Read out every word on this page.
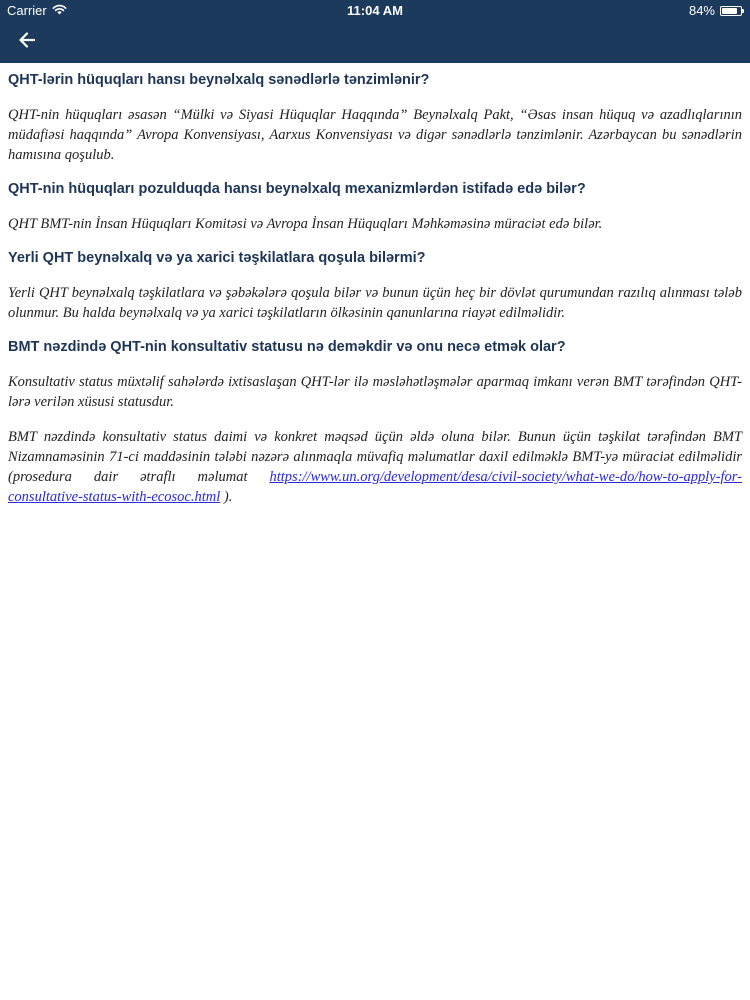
Carrier	11:04 AM	84%

QHT-lərin hüquqları hansı beynəlxalq sənədlərlə tənzimlənir?

QHT-nin hüquqları əsasən “Mülki və Siyasi Hüquqlar Haqqında” Beynəlxalq Pakt, “Əsas insan hüquq və azadlıqlarının müdafiəsi haqqında” Avropa Konvensiyası, Aarxus Konvensiyası və digər sənədlərlə tənzimlənir. Azərbaycan bu sənədlərin hamısına qoşulub.

QHT-nin hüquqları pozulduqda hansı beynəlxalq mexanizmlərdən istifadə edə bilər?

QHT BMT-nin İnsan Hüquqları Komitəsi və Avropa İnsan Hüquqları Məhkəməsinə müraciət edə bilər.

Yerli QHT beynəlxalq və ya xarici təşkilatlara qoşula bilərmi?

Yerli QHT beynəlxalq təşkilatlara və şəbəkələrə qoşula bilər və bunun üçün heç bir dövlət qurumundan razılıq alınması tələb olunmur. Bu halda beynəlxalq və ya xarici təşkilatların ölkəsinin qanunlarına riayət edilməlidir.

BMT nəzdində QHT-nin konsultativ statusu nə deməkdir və onu necə etmək olar?

Konsultativ status müxtəlif sahələrdə ixtisaslaşan QHT-lər ilə məsləhətləşmələr aparmaq imkanı verən BMT tərəfindən QHT-lərə verilən xüsusi statusdur.

BMT nəzdində konsultativ status daimi və konkret məqsəd üçün əldə oluna bilər. Bunun üçün təşkilat tərəfindən BMT Nizamnaməsinin 71-ci maddəsinin tələbi nəzərə alınmaqla müvafiq məlumatlar daxil edilməklə BMT-yə müraciət edilməlidir (prosedura dair ətraflı məlumat https://www.un.org/development/desa/civil-society/what-we-do/how-to-apply-for-consultative-status-with-ecosoc.html ).
